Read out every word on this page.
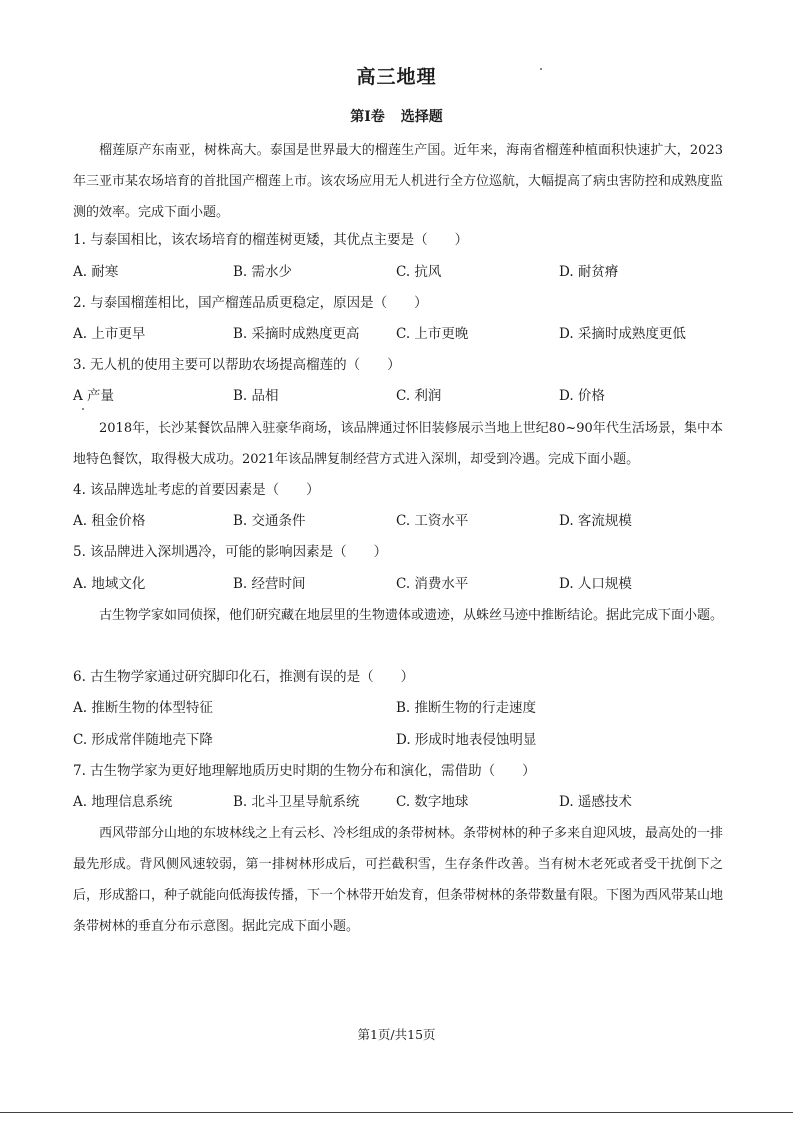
高三地理
第Ⅰ卷 选择题
榴莲原产东南亚，树株高大。泰国是世界最大的榴莲生产国。近年来，海南省榴莲种植面积快速扩大，2023年三亚市某农场培育的首批国产榴莲上市。该农场应用无人机进行全方位巡航，大幅提高了病虫害防控和成熟度监测的效率。完成下面小题。
1. 与泰国相比，该农场培育的榴莲树更矮，其优点主要是（　　）
A. 耐寒	B. 需水少	C. 抗风	D. 耐贫瘠
2. 与泰国榴莲相比，国产榴莲品质更稳定，原因是（　　）
A. 上市更早	B. 采摘时成熟度更高	C. 上市更晚	D. 采摘时成熟度更低
3. 无人机的使用主要可以帮助农场提高榴莲的（　　）
A 产量	B. 品相	C. 利润	D. 价格
2018年，长沙某餐饮品牌入驻豪华商场，该品牌通过怀旧装修展示当地上世纪80~90年代生活场景，集中本地特色餐饮，取得极大成功。2021年该品牌复制经营方式进入深圳，却受到冷遇。完成下面小题。
4. 该品牌选址考虑的首要因素是（　　）
A. 租金价格	B. 交通条件	C. 工资水平	D. 客流规模
5. 该品牌进入深圳遇冷，可能的影响因素是（　　）
A. 地域文化	B. 经营时间	C. 消费水平	D. 人口规模
古生物学家如同侦探，他们研究藏在地层里的生物遗体或遗迹，从蛛丝马迹中推断结论。据此完成下面小题。
6. 古生物学家通过研究脚印化石，推测有误的是（　　）
A. 推断生物的体型特征	B. 推断生物的行走速度
C. 形成常伴随地壳下降	D. 形成时地表侵蚀明显
7. 古生物学家为更好地理解地质历史时期的生物分布和演化，需借助（　　）
A. 地理信息系统	B. 北斗卫星导航系统	C. 数字地球	D. 遥感技术
西风带部分山地的东坡林线之上有云杉、冷杉组成的条带树林。条带树林的种子多来自迎风坡，最高处的一排最先形成。背风侧风速较弱，第一排树林形成后，可拦截积雪，生存条件改善。当有树木老死或者受干扰倒下之后，形成豁口，种子就能向低海拔传播，下一个林带开始发育，但条带树林的条带数量有限。下图为西风带某山地条带树林的垂直分布示意图。据此完成下面小题。
第1页/共15页
